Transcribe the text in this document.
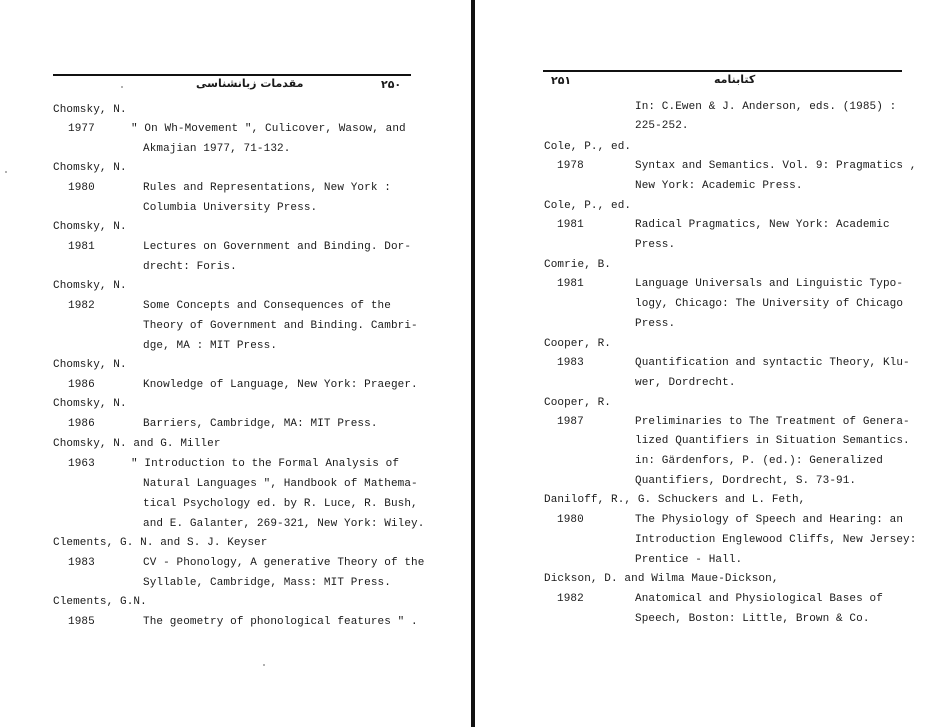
مقدمات زبانشناسی	۲۵۰
Chomsky, N.
1977	" On Wh-Movement ", Culicover, Wasow, and
Akmajian 1977, 71-132.
Chomsky, N.
1980	Rules and Representations, New York :
Columbia University Press.
Chomsky, N.
1981	Lectures on Government and Binding. Dor-
drecht: Foris.
Chomsky, N.
1982	Some Concepts and Consequences of the
Theory of Government and Binding. Cambri-
dge, MA : MIT Press.
Chomsky, N.
1986	Knowledge of Language, New York: Praeger.
Chomsky, N.
1986	Barriers, Cambridge, MA: MIT Press.
Chomsky, N. and G. Miller
1963	" Introduction to the Formal Analysis of
Natural Languages ", Handbook of Mathema-
tical Psychology ed. by R. Luce, R. Bush,
and E. Galanter, 269-321, New York: Wiley.
Clements, G. N. and S. J. Keyser
1983	CV - Phonology, A generative Theory of the
Syllable, Cambridge, Mass: MIT Press.
Clements, G.N.
1985	The geometry of phonological features " .
۲۵۱	کتابنامه
In: C.Ewen & J. Anderson, eds. (1985) :
225-252.
Cole, P., ed.
1978	Syntax and Semantics. Vol. 9: Pragmatics ,
New York: Academic Press.
Cole, P., ed.
1981	Radical Pragmatics, New York: Academic
Press.
Comrie, B.
1981	Language Universals and Linguistic Typo-
logy, Chicago: The University of Chicago
Press.
Cooper, R.
1983	Quantification and syntactic Theory, Klu-
wer, Dordrecht.
Cooper, R.
1987	Preliminaries to The Treatment of Genera-
lized Quantifiers in Situation Semantics.
in: Gärdenfors, P. (ed.): Generalized
Quantifiers, Dordrecht, S. 73-91.
Daniloff, R., G. Schuckers and L. Feth,
1980	The Physiology of Speech and Hearing: an
Introduction Englewood Cliffs, New Jersey:
Prentice - Hall.
Dickson, D. and Wilma Maue-Dickson,
1982	Anatomical and Physiological Bases of
Speech, Boston: Little, Brown & Co.
